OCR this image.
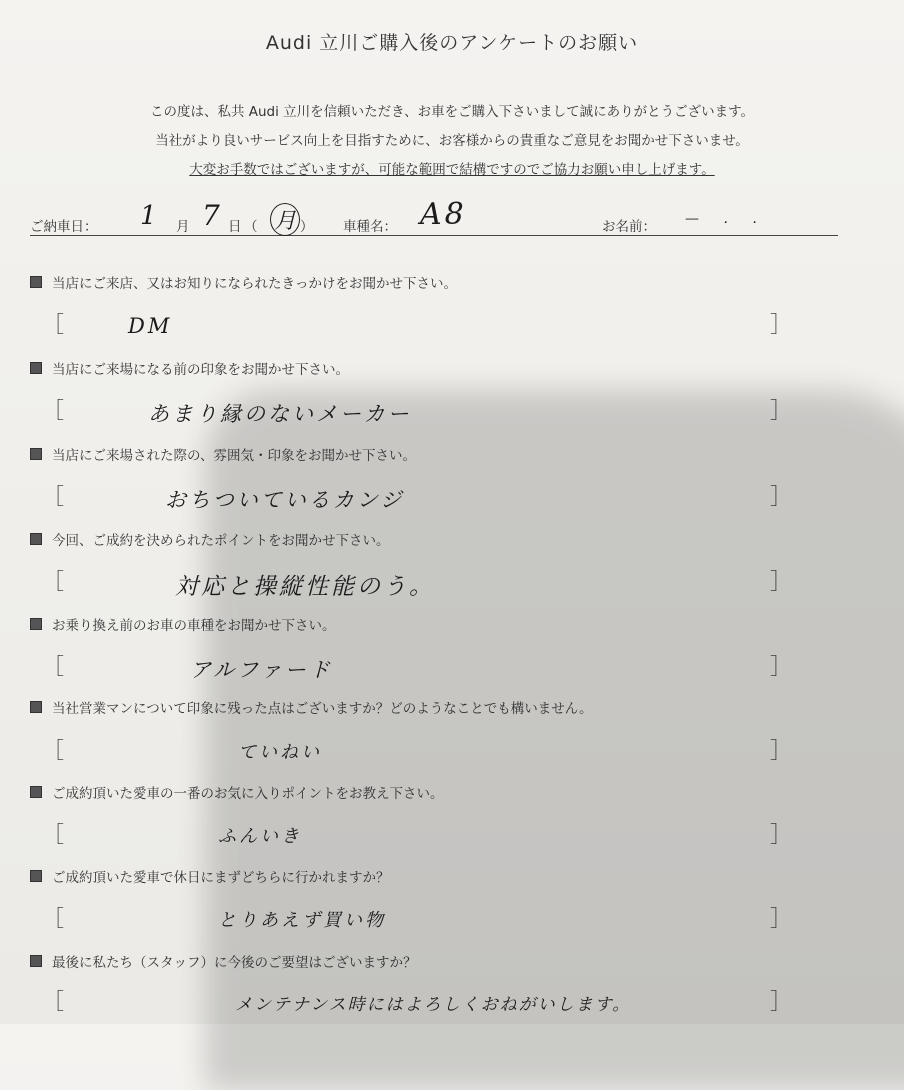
Audi 立川ご購入後のアンケートのお願い
この度は、私共 Audi 立川を信頼いただき、お車をご購入下さいまして誠にありがとうございます。
当社がより良いサービス向上を目指すために、お客様からの貴重なご意見をお聞かせ下さいませ。
大変お手数ではございますが、可能な範囲で結構ですのでご協力お願い申し上げます。
ご納車日： 1 月 7 日 （ 月 ） 車種名： A8	お名前： — . .
当店にご来店、又はお知りになられたきっかけをお聞かせ下さい。
［	DM	］
当店にご来場になる前の印象をお聞かせ下さい。
［	あまり縁のないメーカー	］
当店にご来場された際の、雰囲気・印象をお聞かせ下さい。
［	おちついているカンジ	］
今回、ご成約を決められたポイントをお聞かせ下さい。
［	対応と操縦性能のう。	］
お乗り換え前のお車の車種をお聞かせ下さい。
［	アルファード	］
当社営業マンについて印象に残った点はございますか？どのようなことでも構いません。
［	ていねい	］
ご成約頂いた愛車の一番のお気に入りポイントをお教え下さい。
［	ふんいき	］
ご成約頂いた愛車で休日にまずどちらに行かれますか？
［	とりあえず買い物	］
最後に私たち（スタッフ）に今後のご要望はございますか？
［	メンテナンス時にはよろしくおねがいします。	］
